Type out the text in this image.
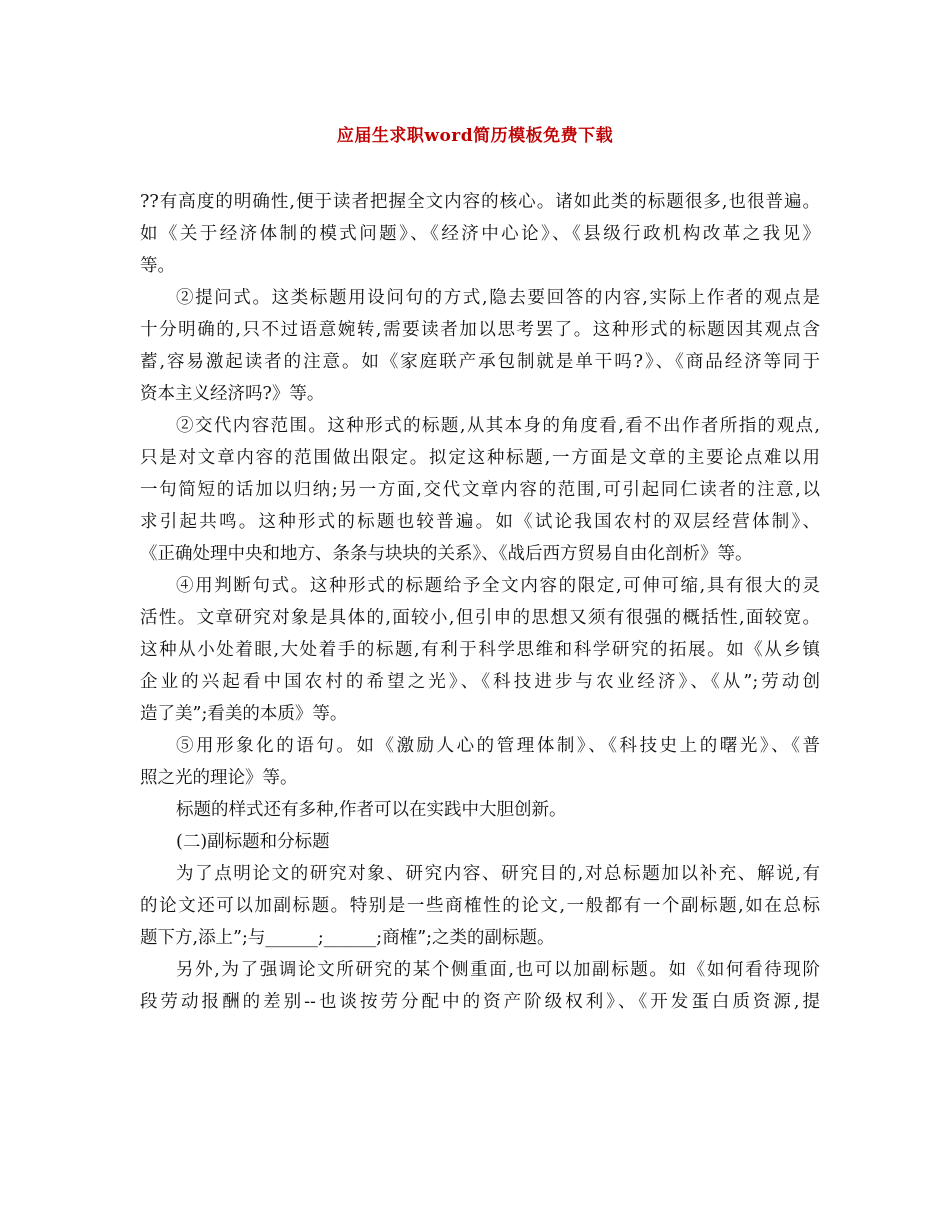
应届生求职word简历模板免费下载
??有高度的明确性,便于读者把握全文内容的核心。诸如此类的标题很多,也很普遍。
如《关于经济体制的模式问题》、《经济中心论》、《县级行政机构改革之我见》
等。
②提问式。这类标题用设问句的方式,隐去要回答的内容,实际上作者的观点是
十分明确的,只不过语意婉转,需要读者加以思考罢了。这种形式的标题因其观点含
蓄,容易激起读者的注意。如《家庭联产承包制就是单干吗?》、《商品经济等同于
资本主义经济吗?》等。
②交代内容范围。这种形式的标题,从其本身的角度看,看不出作者所指的观点,
只是对文章内容的范围做出限定。拟定这种标题,一方面是文章的主要论点难以用
一句简短的话加以归纳;另一方面,交代文章内容的范围,可引起同仁读者的注意,以
求引起共鸣。这种形式的标题也较普遍。如《试论我国农村的双层经营体制》、
《正确处理中央和地方、条条与块块的关系》、《战后西方贸易自由化剖析》等。
④用判断句式。这种形式的标题给予全文内容的限定,可伸可缩,具有很大的灵
活性。文章研究对象是具体的,面较小,但引申的思想又须有很强的概括性,面较宽。
这种从小处着眼,大处着手的标题,有利于科学思维和科学研究的拓展。如《从乡镇
企业的兴起看中国农村的希望之光》、《科技进步与农业经济》、《从”;劳动创
造了美”;看美的本质》等。
⑤用形象化的语句。如《激励人心的管理体制》、《科技史上的曙光》、《普
照之光的理论》等。
标题的样式还有多种,作者可以在实践中大胆创新。
(二)副标题和分标题
为了点明论文的研究对象、研究内容、研究目的,对总标题加以补充、解说,有
的论文还可以加副标题。特别是一些商榷性的论文,一般都有一个副标题,如在总标
题下方,添上”;与______;______;商榷”;之类的副标题。
另外,为了强调论文所研究的某个侧重面,也可以加副标题。如《如何看待现阶
段劳动报酬的差别--也谈按劳分配中的资产阶级权利》、《开发蛋白质资源,提
